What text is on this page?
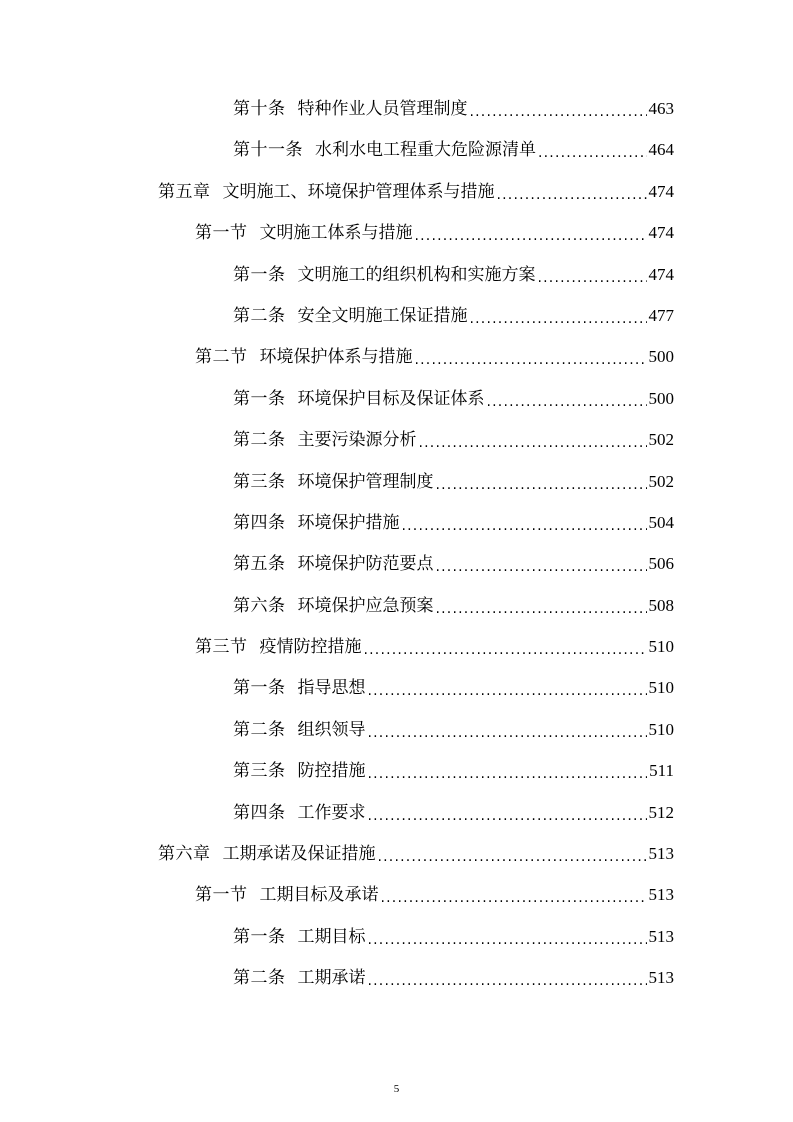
第十条 特种作业人员管理制度 .....	463
第十一条 水利水电工程重大危险源清单 .....	464
第五章 文明施工、环境保护管理体系与措施 .....	474
第一节 文明施工体系与措施 .....	474
第一条 文明施工的组织机构和实施方案 .....	474
第二条 安全文明施工保证措施 .....	477
第二节 环境保护体系与措施 .....	500
第一条 环境保护目标及保证体系 .....	500
第二条 主要污染源分析 .....	502
第三条 环境保护管理制度 .....	502
第四条 环境保护措施 .....	504
第五条 环境保护防范要点 .....	506
第六条 环境保护应急预案 .....	508
第三节 疫情防控措施 .....	510
第一条 指导思想 .....	510
第二条 组织领导 .....	510
第三条 防控措施 .....	511
第四条 工作要求 .....	512
第六章 工期承诺及保证措施 .....	513
第一节 工期目标及承诺 .....	513
第一条 工期目标 .....	513
第二条 工期承诺 .....	513
5
